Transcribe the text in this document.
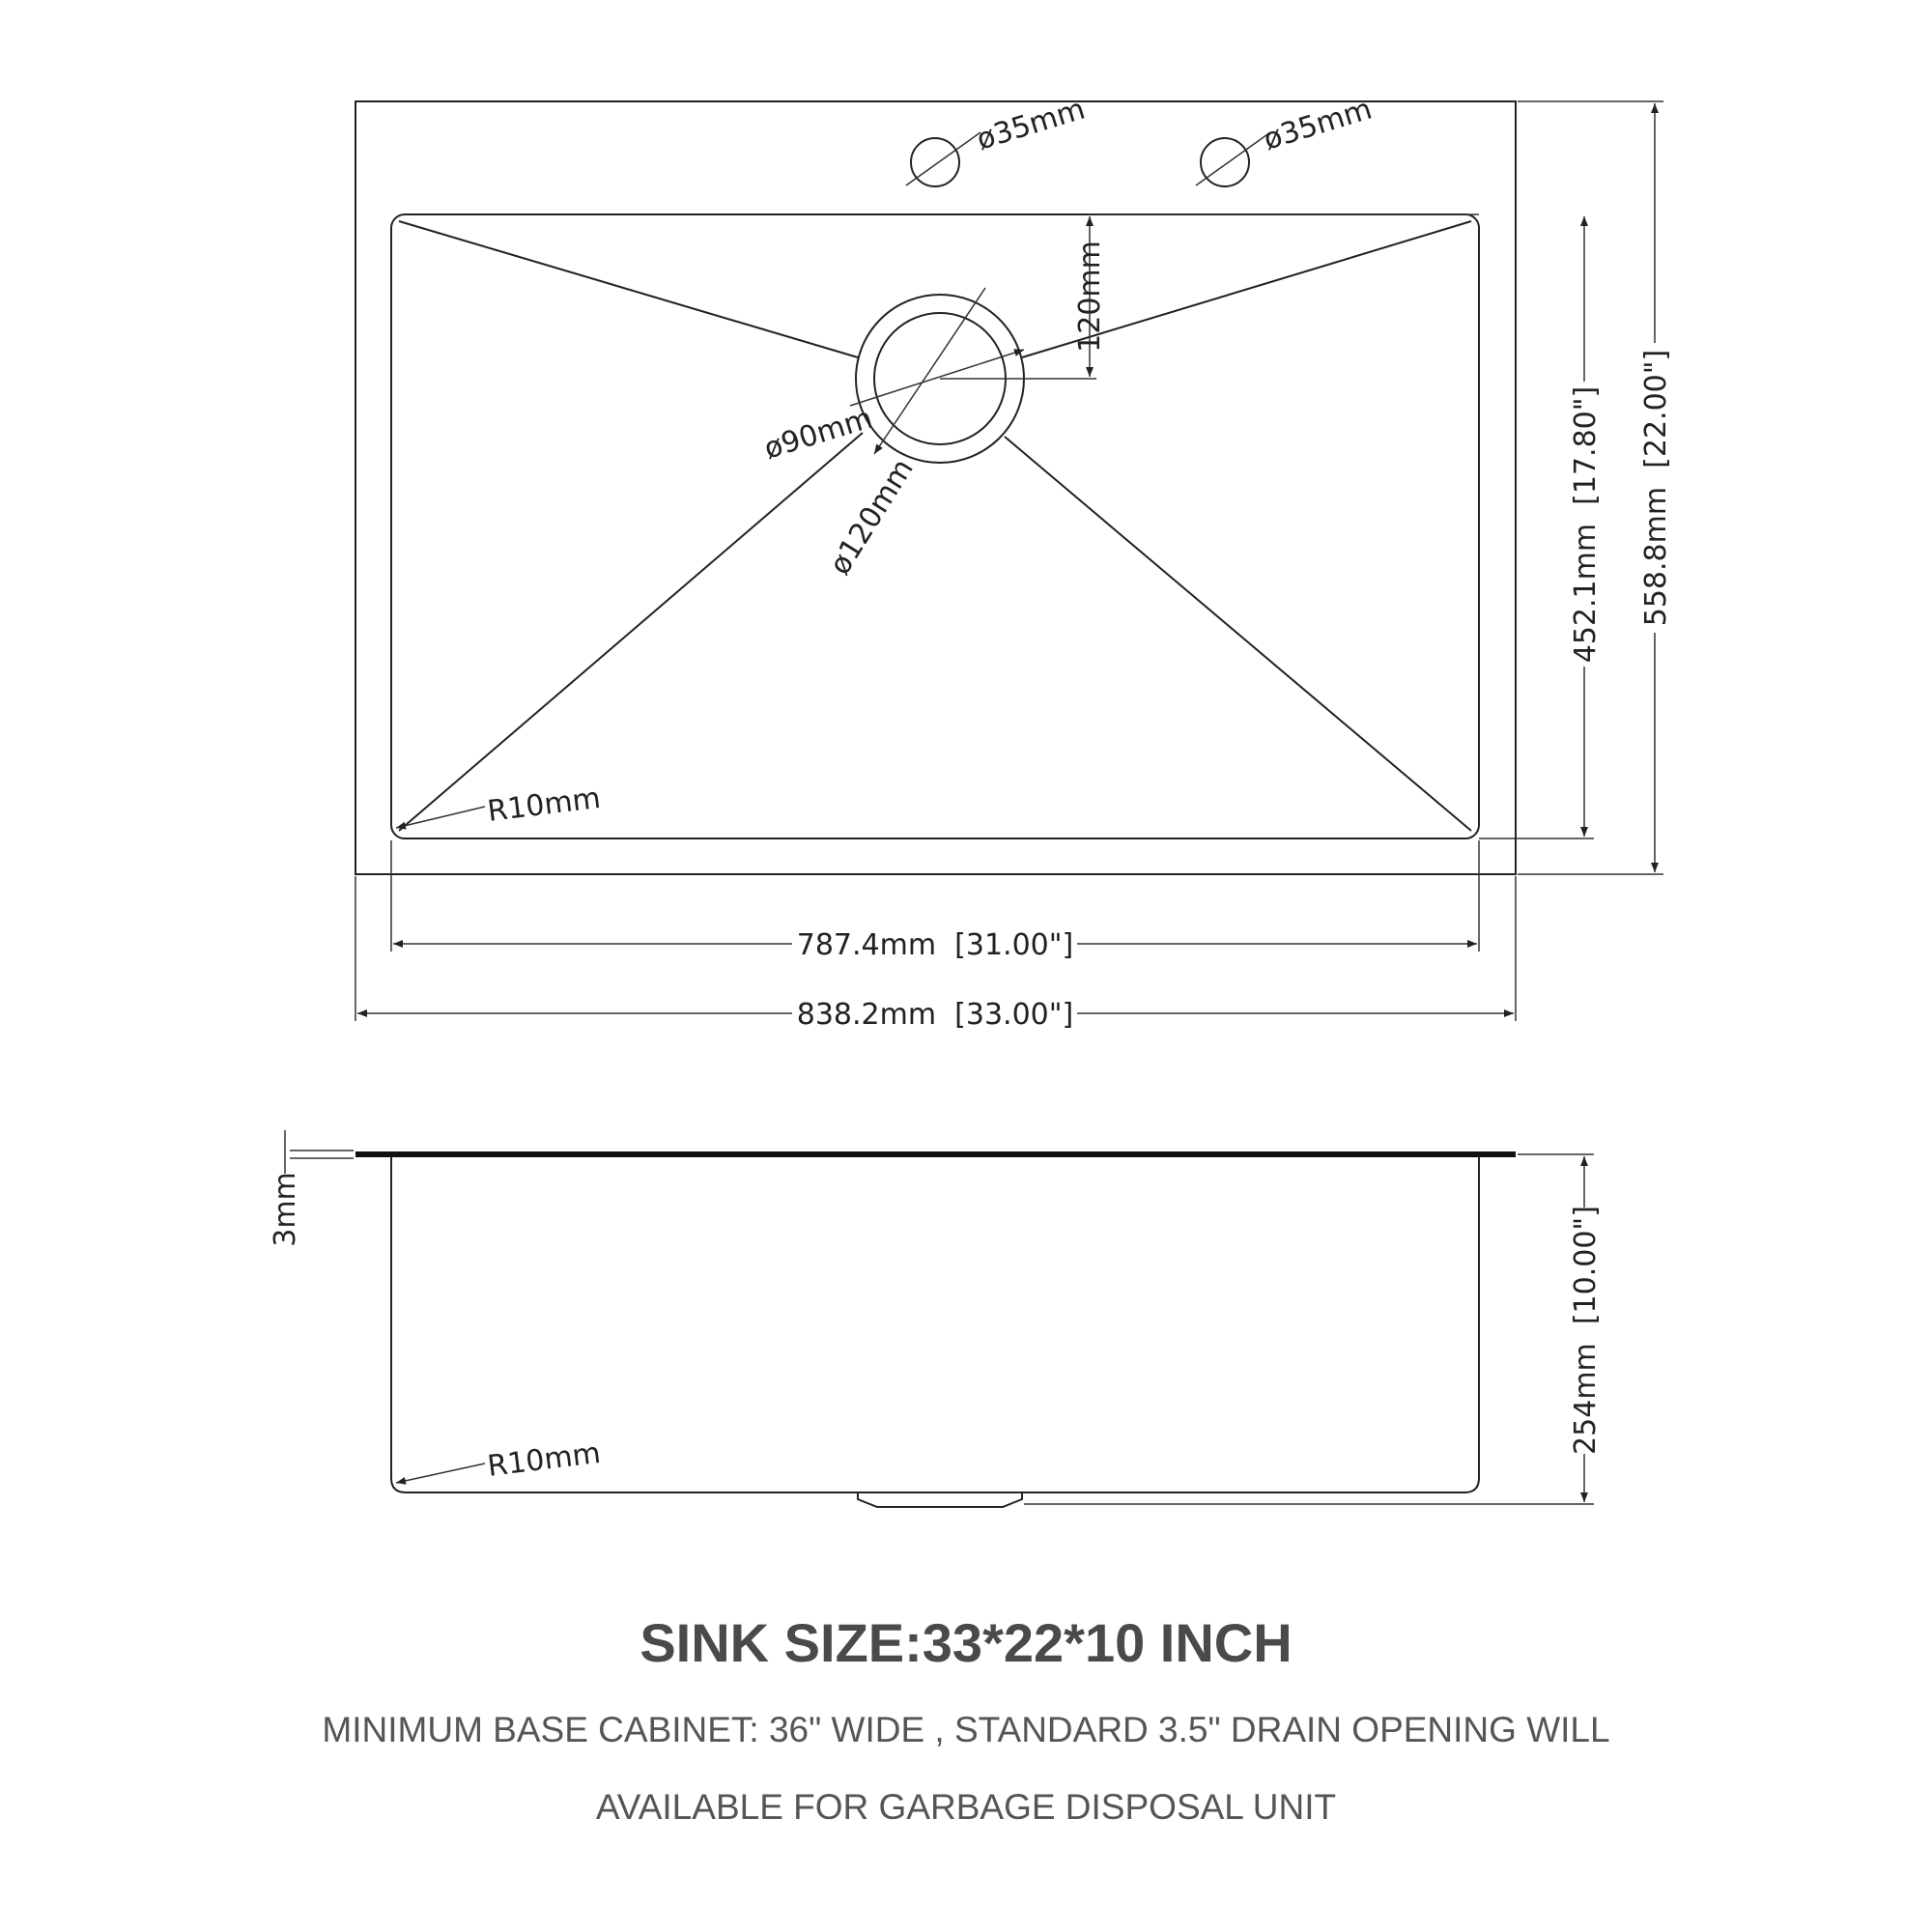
ø35mm	ø35mm
120mm
ø90mm
ø120mm
R10mm
787.4mm  [31.00"]
838.2mm  [33.00"]
452.1mm  [17.80"] 558.8mm  [22.00"]
3mm	254mm  [10.00"]
R10mm
SINK SIZE:33*22*10 INCH

MINIMUM BASE CABINET: 36" WIDE , STANDARD 3.5" DRAIN OPENING WILL

AVAILABLE FOR GARBAGE DISPOSAL UNIT
